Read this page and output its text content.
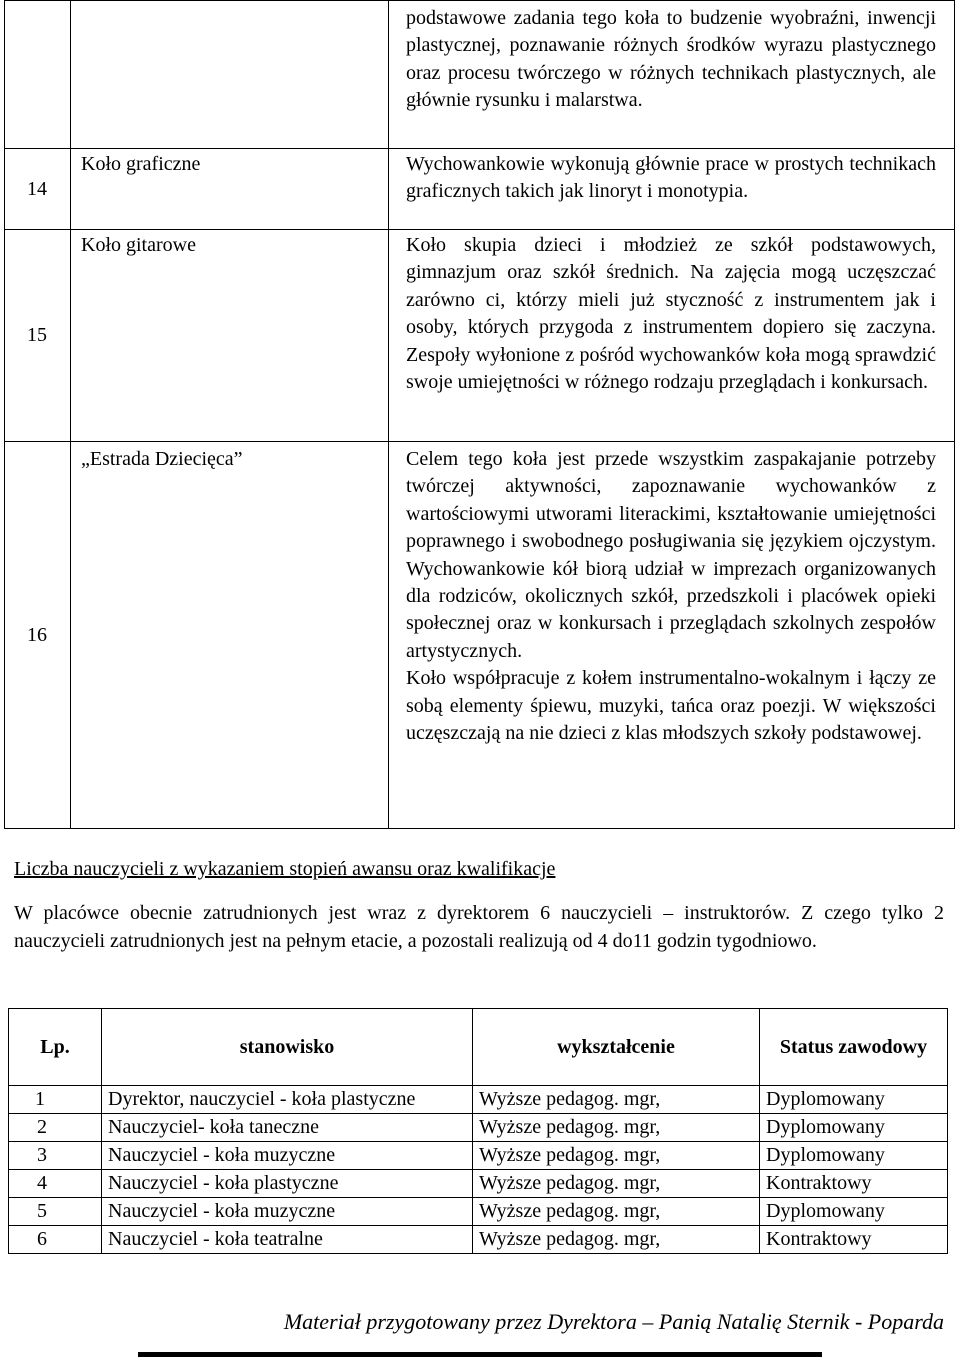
		podstawowe zadania tego koła to budzenie wyobraźni, inwencji plastycznej, poznawanie różnych środków wyrazu plastycznego oraz procesu twórczego w różnych technikach plastycznych, ale głównie rysunku i malarstwa.

14	Koło graficzne	Wychowankowie wykonują głównie prace w prostych technikach graficznych takich jak linoryt i monotypia.

15	Koło gitarowe	Koło skupia dzieci i młodzież ze szkół podstawowych, gimnazjum oraz szkół średnich. Na zajęcia mogą uczęszczać zarówno ci, którzy mieli już styczność z instrumentem jak i osoby, których przygoda z instrumentem dopiero się zaczyna. Zespoły wyłonione z pośród wychowanków koła mogą sprawdzić swoje umiejętności w różnego rodzaju przeglądach i konkursach.

16	„Estrada Dziecięca”	Celem tego koła jest przede wszystkim zaspakajanie potrzeby twórczej aktywności, zapoznawanie wychowanków z wartościowymi utworami literackimi, kształtowanie umiejętności poprawnego i swobodnego posługiwania się językiem ojczystym. Wychowankowie kół biorą udział w imprezach organizowanych dla rodziców, okolicznych szkół, przedszkoli i placówek opieki społecznej oraz w konkursach i przeglądach szkolnych zespołów artystycznych.

Koło współpracuje z kołem instrumentalno-wokalnym i łączy ze sobą elementy śpiewu, muzyki, tańca oraz poezji. W większości uczęszczają na nie dzieci z klas młodszych szkoły podstawowej.

Liczba nauczycieli z wykazaniem stopień awansu oraz kwalifikacje

W placówce obecnie zatrudnionych jest wraz z dyrektorem 6 nauczycieli – instruktorów. Z czego tylko 2 nauczycieli zatrudnionych jest na pełnym etacie, a pozostali realizują od 4 do11 godzin tygodniowo.

Lp.	stanowisko	wykształcenie	Status zawodowy
1	Dyrektor, nauczyciel - koła plastyczne	Wyższe pedagog. mgr,	Dyplomowany
2	Nauczyciel- koła taneczne	Wyższe pedagog. mgr,	Dyplomowany
3	Nauczyciel - koła muzyczne	Wyższe pedagog. mgr,	Dyplomowany
4	Nauczyciel - koła plastyczne	Wyższe pedagog. mgr,	Kontraktowy
5	Nauczyciel - koła muzyczne	Wyższe pedagog. mgr,	Dyplomowany
6	Nauczyciel - koła teatralne	Wyższe pedagog. mgr,	Kontraktowy
Materiał przygotowany przez Dyrektora – Panią Natalię Sternik - Poparda
